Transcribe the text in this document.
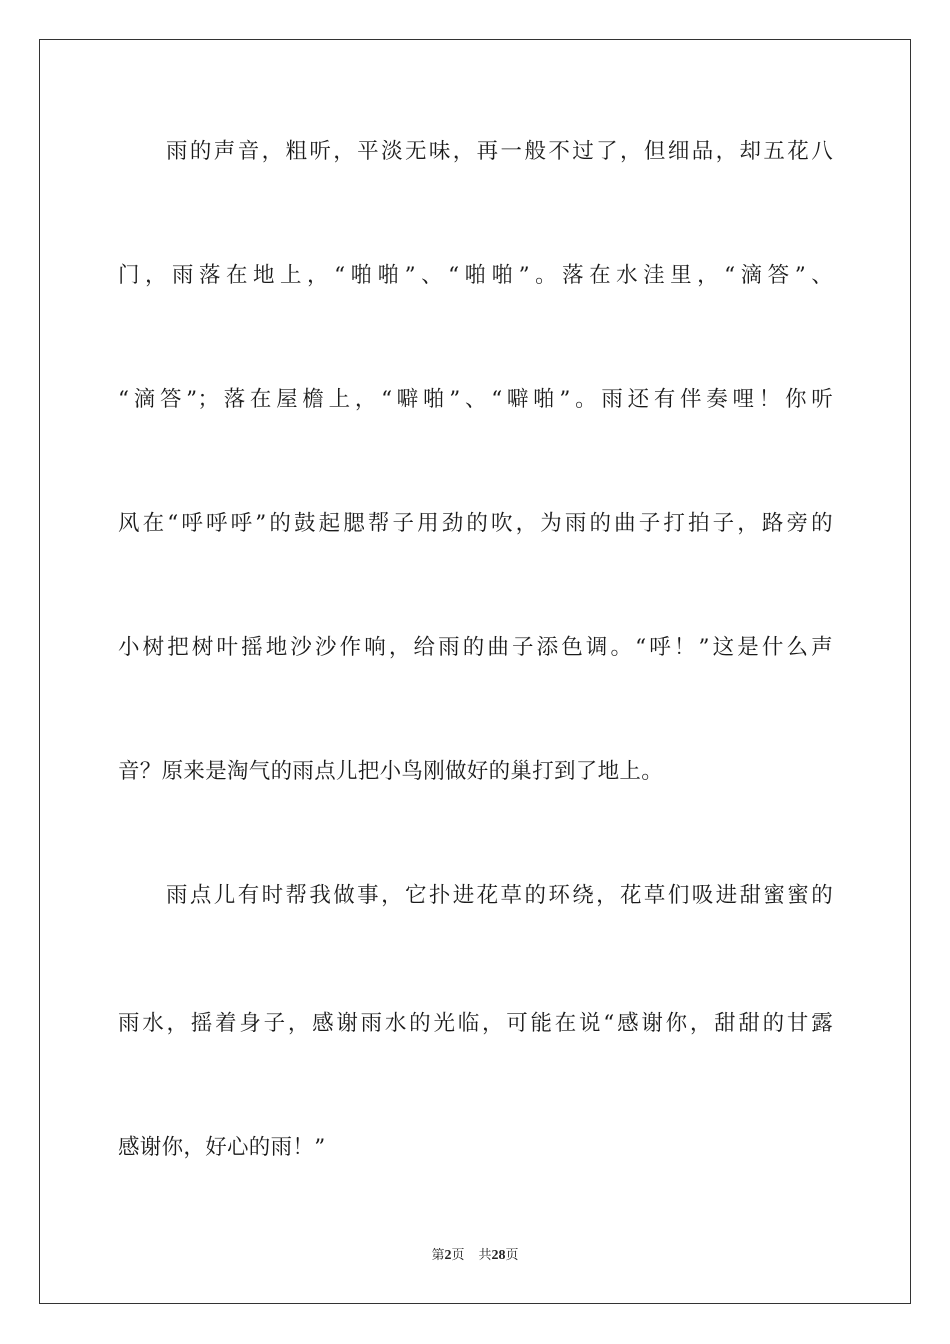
雨的声音，粗听，平淡无味，再一般不过了，但细品，却五花八
门，雨落在地上，“啪啪”、“啪啪”。落在水洼里，“滴答”、
“滴答”；落在屋檐上，“噼啪”、“噼啪”。雨还有伴奏哩！你听
风在“呼呼呼”的鼓起腮帮子用劲的吹，为雨的曲子打拍子，路旁的
小树把树叶摇地沙沙作响，给雨的曲子添色调。“呼！”这是什么声
音？原来是淘气的雨点儿把小鸟刚做好的巢打到了地上。
雨点儿有时帮我做事，它扑进花草的环绕，花草们吸进甜蜜蜜的
雨水，摇着身子，感谢雨水的光临，可能在说“感谢你，甜甜的甘露
感谢你，好心的雨！”
第2页 共28页
